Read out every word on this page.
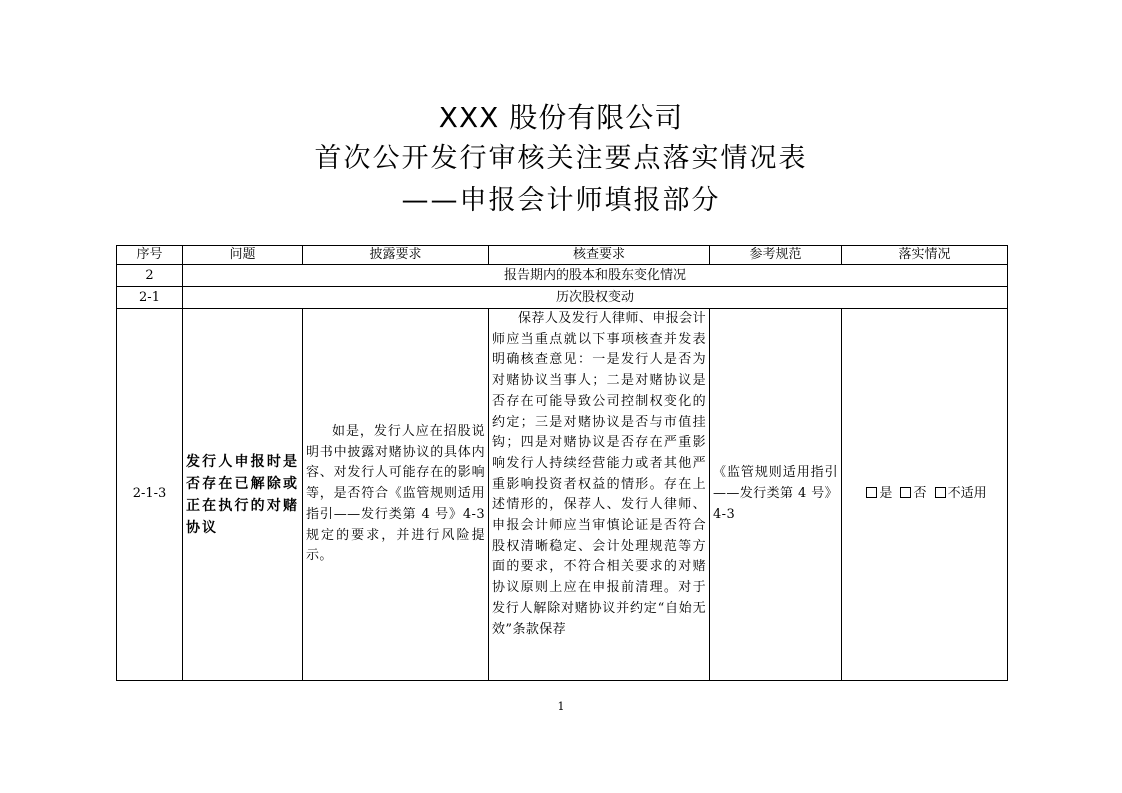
XXX 股份有限公司
首次公开发行审核关注要点落实情况表
——申报会计师填报部分
序号	问题	披露要求	核查要求	参考规范	落实情况
2	报告期内的股本和股东变化情况				
2-1	历次股权变动				
2-1-3	发行人申报时是否存在已解除或正在执行的对赌协议	如是，发行人应在招股说明书中披露对赌协议的具体内容、对发行人可能存在的影响等，是否符合《监管规则适用指引——发行类第 4 号》4-3 规定的要求，并进行风险提示。	保荐人及发行人律师、申报会计师应当重点就以下事项核查并发表明确核查意见：一是发行人是否为对赌协议当事人；二是对赌协议是否存在可能导致公司控制权变化的约定；三是对赌协议是否与市值挂钩；四是对赌协议是否存在严重影响发行人持续经营能力或者其他严重影响投资者权益的情形。存在上述情形的，保荐人、发行人律师、申报会计师应当审慎论证是否符合股权清晰稳定、会计处理规范等方面的要求，不符合相关要求的对赌协议原则上应在申报前清理。对于发行人解除对赌协议并约定“自始无效”条款保荐	《监管规则适用指引——发行类第 4 号》4-3	是 否 不适用
1
